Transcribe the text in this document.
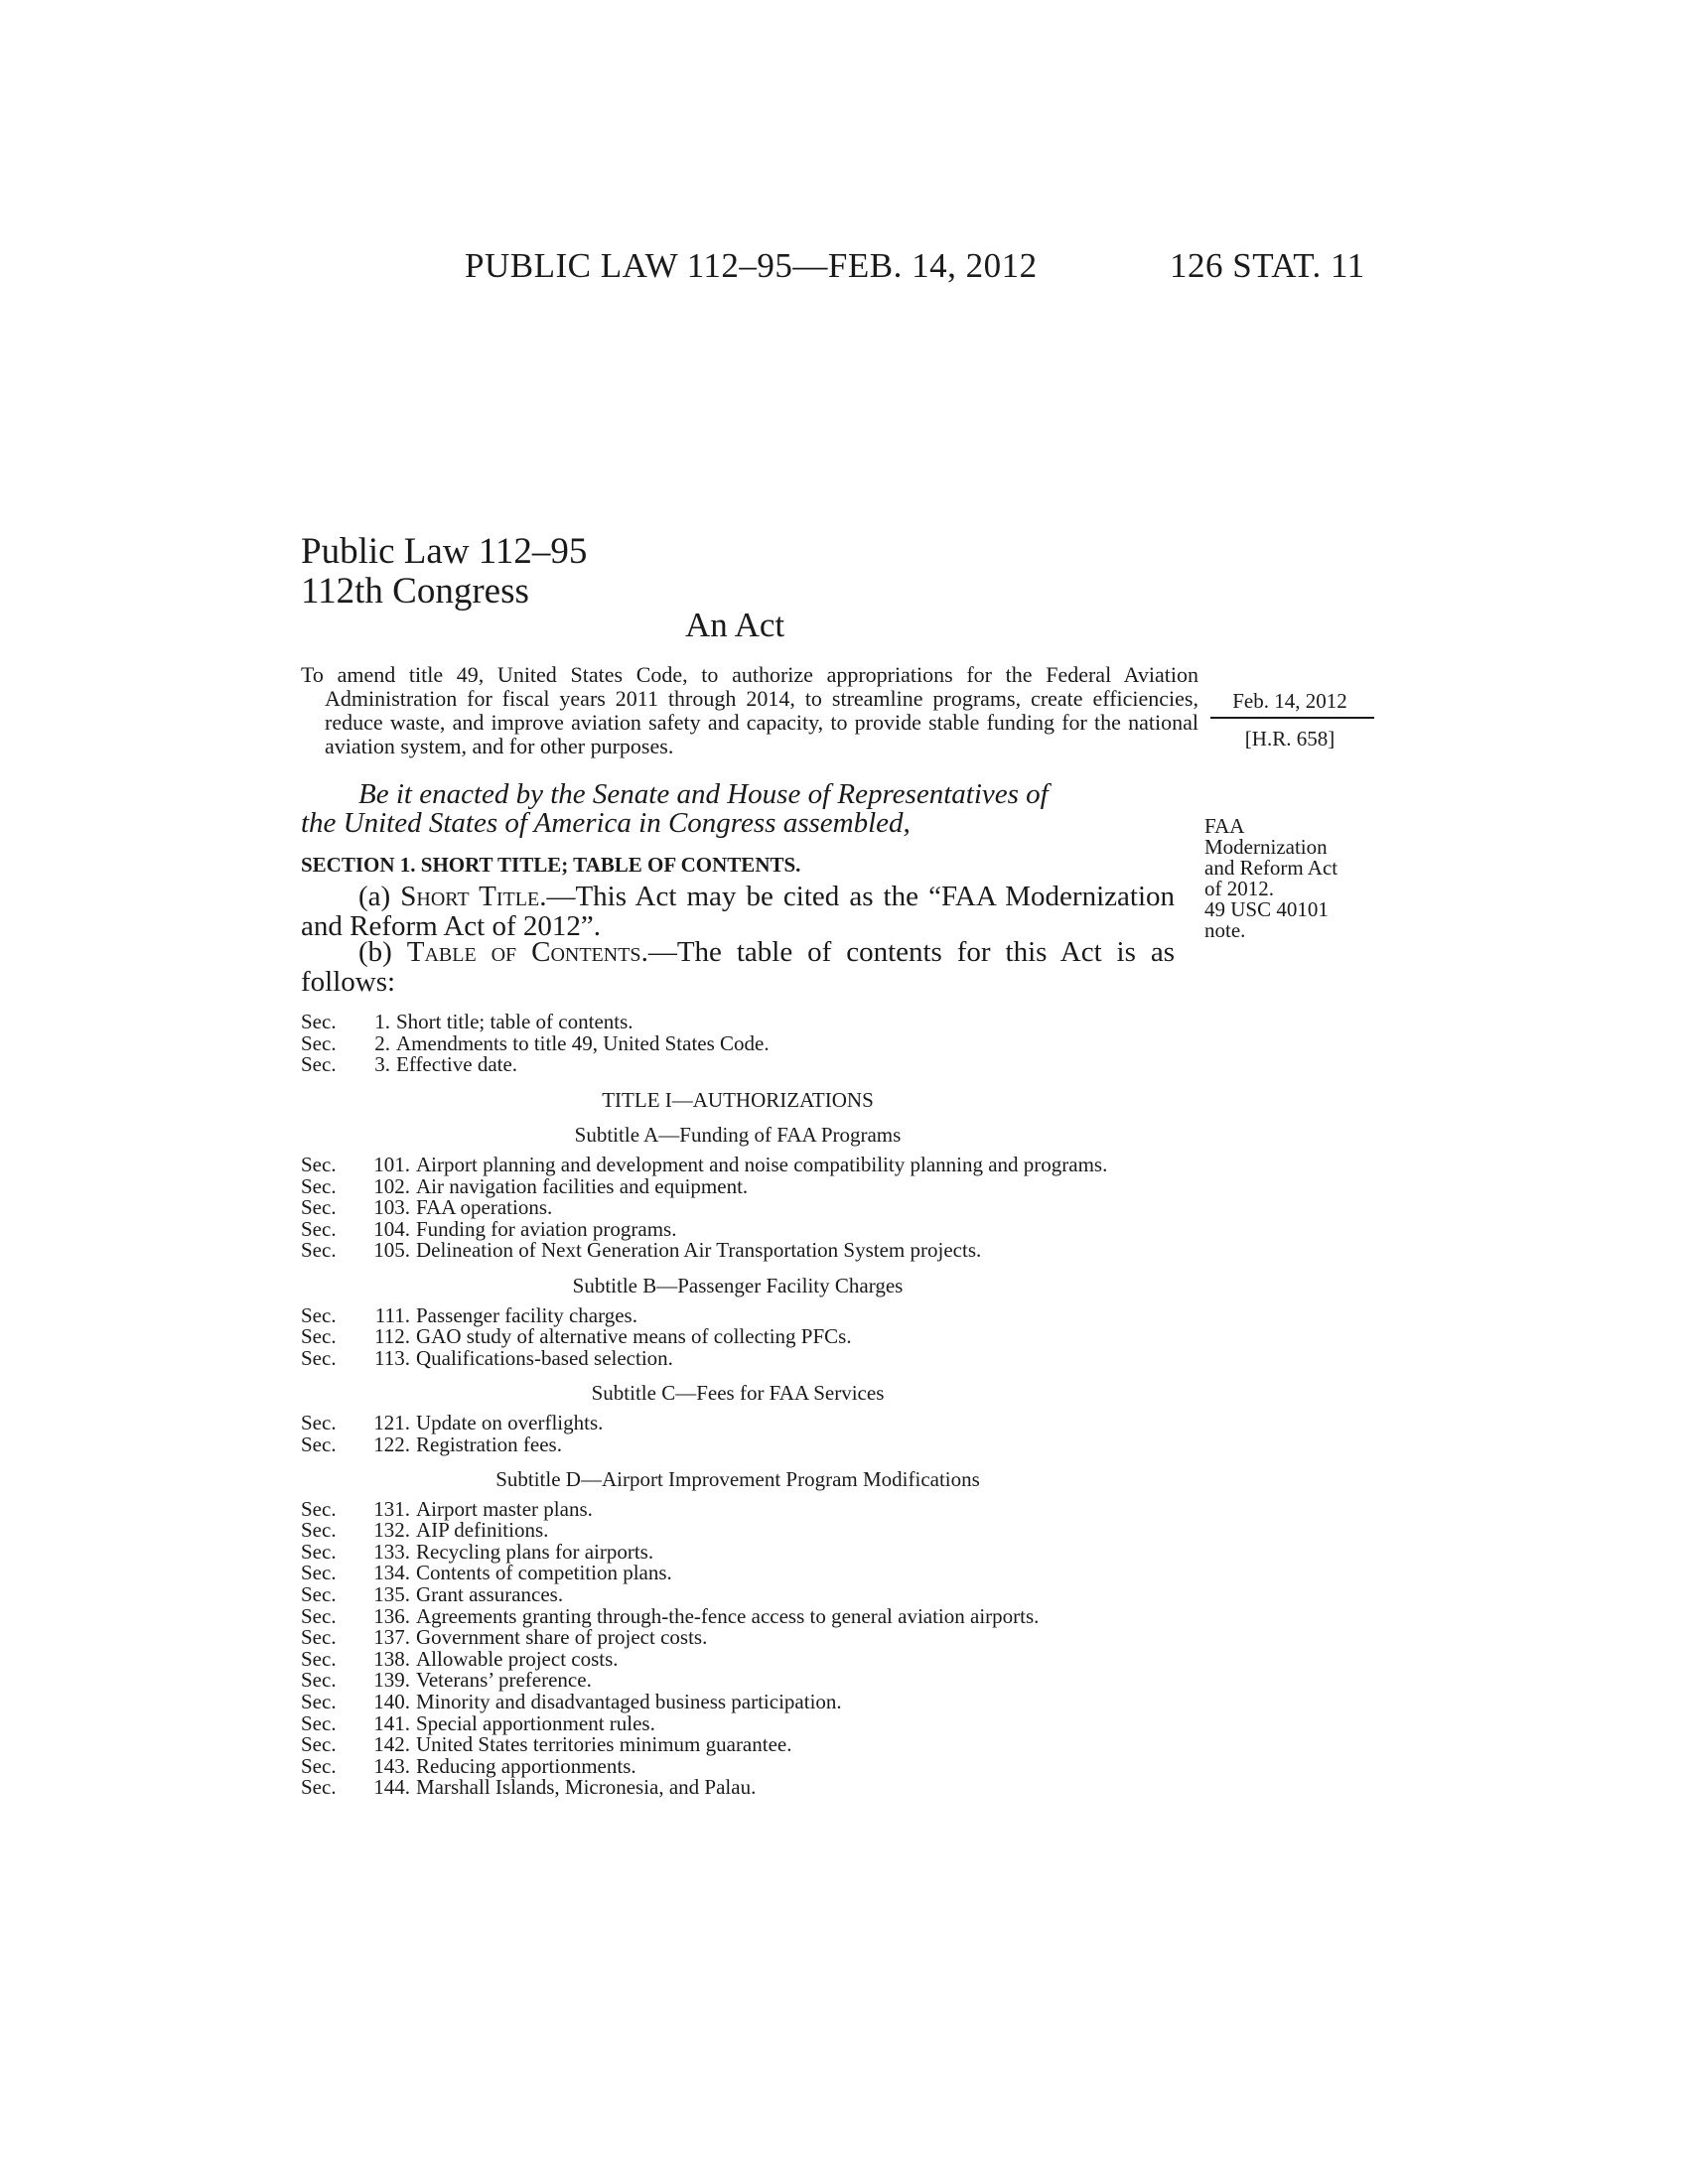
PUBLIC LAW 112–95—FEB. 14, 2012	126 STAT. 11
Public Law 112–95
112th Congress
An Act
To amend title 49, United States Code, to authorize appropriations for the Federal Aviation Administration for fiscal years 2011 through 2014, to streamline programs, create efficiencies, reduce waste, and improve aviation safety and capacity, to provide stable funding for the national aviation system, and for other purposes.
Feb. 14, 2012
[H.R. 658]
FAA
Modernization
and Reform Act
of 2012.
49 USC 40101
note.
Be it enacted by the Senate and House of Representatives of
the United States of America in Congress assembled,
SECTION 1. SHORT TITLE; TABLE OF CONTENTS.
(a) Short Title.—This Act may be cited as the “FAA Modernization and Reform Act of 2012”.
(b) Table of Contents.—The table of contents for this Act is as follows:
Sec.	1. Short title; table of contents.
Sec.	2. Amendments to title 49, United States Code.
Sec.	3. Effective date.
TITLE I—AUTHORIZATIONS
Subtitle A—Funding of FAA Programs
Sec.	101. Airport planning and development and noise compatibility planning and programs.
Sec.	102. Air navigation facilities and equipment.
Sec.	103. FAA operations.
Sec.	104. Funding for aviation programs.
Sec.	105. Delineation of Next Generation Air Transportation System projects.
Subtitle B—Passenger Facility Charges
Sec.	111. Passenger facility charges.
Sec.	112. GAO study of alternative means of collecting PFCs.
Sec.	113. Qualifications-based selection.
Subtitle C—Fees for FAA Services
Sec.	121. Update on overflights.
Sec.	122. Registration fees.
Subtitle D—Airport Improvement Program Modifications
Sec.	131. Airport master plans.
Sec.	132. AIP definitions.
Sec.	133. Recycling plans for airports.
Sec.	134. Contents of competition plans.
Sec.	135. Grant assurances.
Sec.	136. Agreements granting through-the-fence access to general aviation airports.
Sec.	137. Government share of project costs.
Sec.	138. Allowable project costs.
Sec.	139. Veterans’ preference.
Sec.	140. Minority and disadvantaged business participation.
Sec.	141. Special apportionment rules.
Sec.	142. United States territories minimum guarantee.
Sec.	143. Reducing apportionments.
Sec.	144. Marshall Islands, Micronesia, and Palau.
